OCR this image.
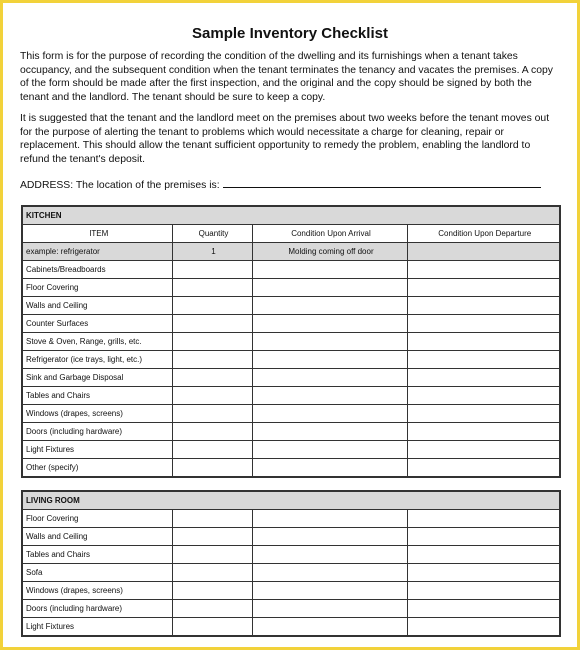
Sample Inventory Checklist

This form is for the purpose of recording the condition of the dwelling and its furnishings when a tenant takes occupancy, and the subsequent condition when the tenant terminates the tenancy and vacates the premises. A copy of the form should be made after the first inspection, and the original and the copy should be signed by both the tenant and the landlord. The tenant should be sure to keep a copy.

It is suggested that the tenant and the landlord meet on the premises about two weeks before the tenant moves out for the purpose of alerting the tenant to problems which would necessitate a charge for cleaning, repair or replacement. This should allow the tenant sufficient opportunity to remedy the problem, enabling the landlord to refund the tenant's deposit.

ADDRESS: The location of the premises is:
KITCHEN			
ITEM	Quantity	Condition Upon Arrival	Condition Upon Departure
example: refrigerator	1	Molding coming off door	
Cabinets/Breadboards			
Floor Covering			
Walls and Ceiling			
Counter Surfaces			
Stove & Oven, Range, grills, etc.			
Refrigerator (ice trays, light, etc.)			
Sink and Garbage Disposal			
Tables and Chairs			
Windows (drapes, screens)			
Doors (including hardware)			
Light Fixtures			
Other (specify)			
LIVING ROOM			
Floor Covering			
Walls and Ceiling			
Tables and Chairs			
Sofa			
Windows (drapes, screens)			
Doors (including hardware)			
Light Fixtures			
